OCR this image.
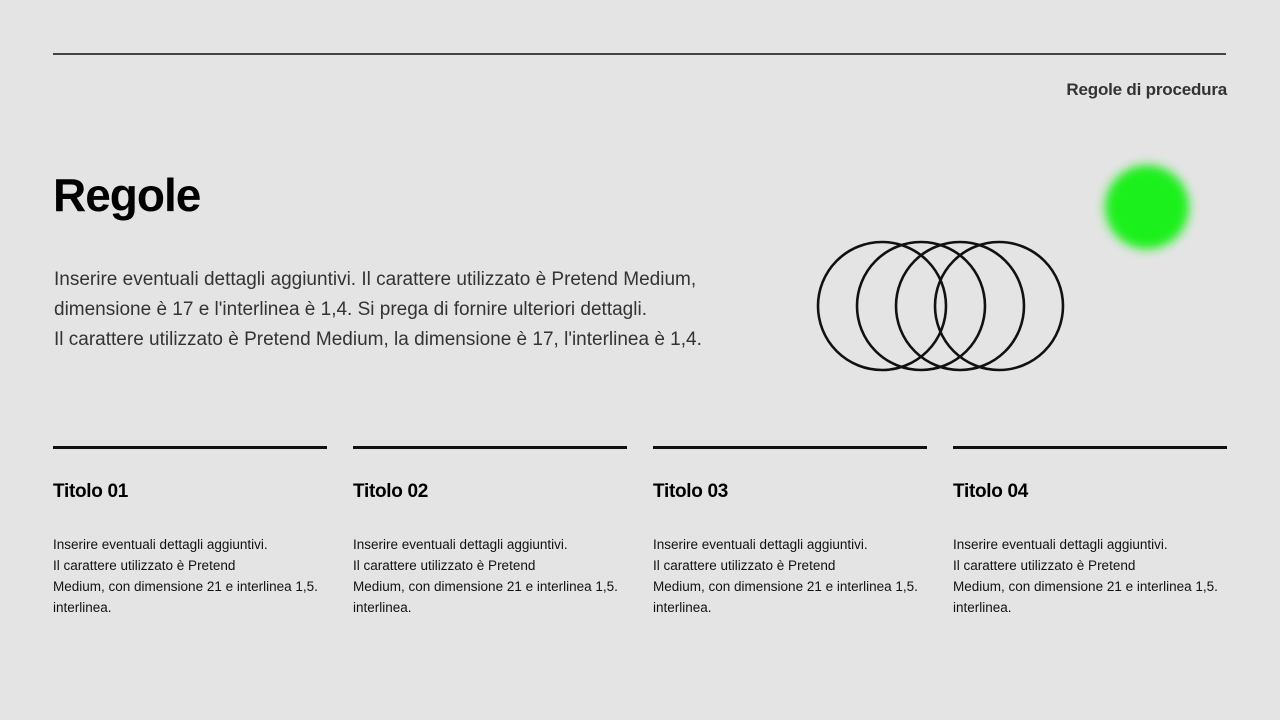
Regole di procedura
Regole

Inserire eventuali dettagli aggiuntivi. Il carattere utilizzato è Pretend Medium,
dimensione è 17 e l'interlinea è 1,4. Si prega di fornire ulteriori dettagli.
Il carattere utilizzato è Pretend Medium, la dimensione è 17, l'interlinea è 1,4.

Titolo 01

Inserire eventuali dettagli aggiuntivi.
Il carattere utilizzato è Pretend
Medium, con dimensione 21 e interlinea 1,5.
interlinea.

Titolo 02

Inserire eventuali dettagli aggiuntivi.
Il carattere utilizzato è Pretend
Medium, con dimensione 21 e interlinea 1,5.
interlinea.

Titolo 03

Inserire eventuali dettagli aggiuntivi.
Il carattere utilizzato è Pretend
Medium, con dimensione 21 e interlinea 1,5.
interlinea.

Titolo 04

Inserire eventuali dettagli aggiuntivi.
Il carattere utilizzato è Pretend
Medium, con dimensione 21 e interlinea 1,5.
interlinea.
